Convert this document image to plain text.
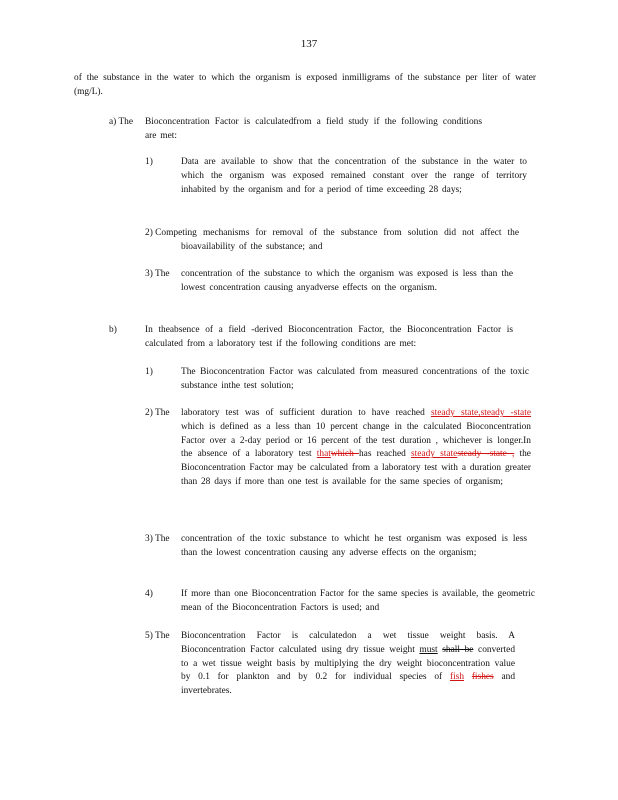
137

of the substance in the water to which the organism is exposed inmilligrams of the substance per liter of water (mg/L).

a) The Bioconcentration Factor is calculatedfrom a field study if the following conditions are met:

1)	Data are available to show that the concentration of the substance in the water to which the organism was exposed remained constant over the range of territory inhabited by the organism and for a period of time exceeding 28 days;

2) Competing mechanisms for removal of the substance from solution did not affect the bioavailability of the substance; and

3) The concentration of the substance to which the organism was exposed is less than the lowest concentration causing anyadverse effects on the organism.

b)	In theabsence of a field -derived Bioconcentration Factor, the Bioconcentration Factor is calculated from a laboratory test if the following conditions are met:

1)	The Bioconcentration Factor was calculated from measured concentrations of the toxic substance inthe test solution;

2) The laboratory test was of sufficient duration to have reached steady state,steady -state which is defined as a less than 10 percent change in the calculated Bioconcentration Factor over a 2-day period or 16 percent of the test duration , whichever is longer.In the absence of a laboratory test thatwhich has reached steady statesteady -state , the Bioconcentration Factor may be calculated from a laboratory test with a duration greater than 28 days if more than one test is available for the same species of organism;

3) The concentration of the toxic substance to whicht he test organism was exposed is less than the lowest concentration causing any adverse effects on the organism;

4)	If more than one Bioconcentration Factor for the same species is available, the geometric mean of the Bioconcentration Factors is used; and

5) The Bioconcentration Factor is calculatedon a wet tissue weight basis. A Bioconcentration Factor calculated using dry tissue weight must shall be converted to a wet tissue weight basis by multiplying the dry weight bioconcentration value by 0.1 for plankton and by 0.2 for individual species of fish fishes and invertebrates.
